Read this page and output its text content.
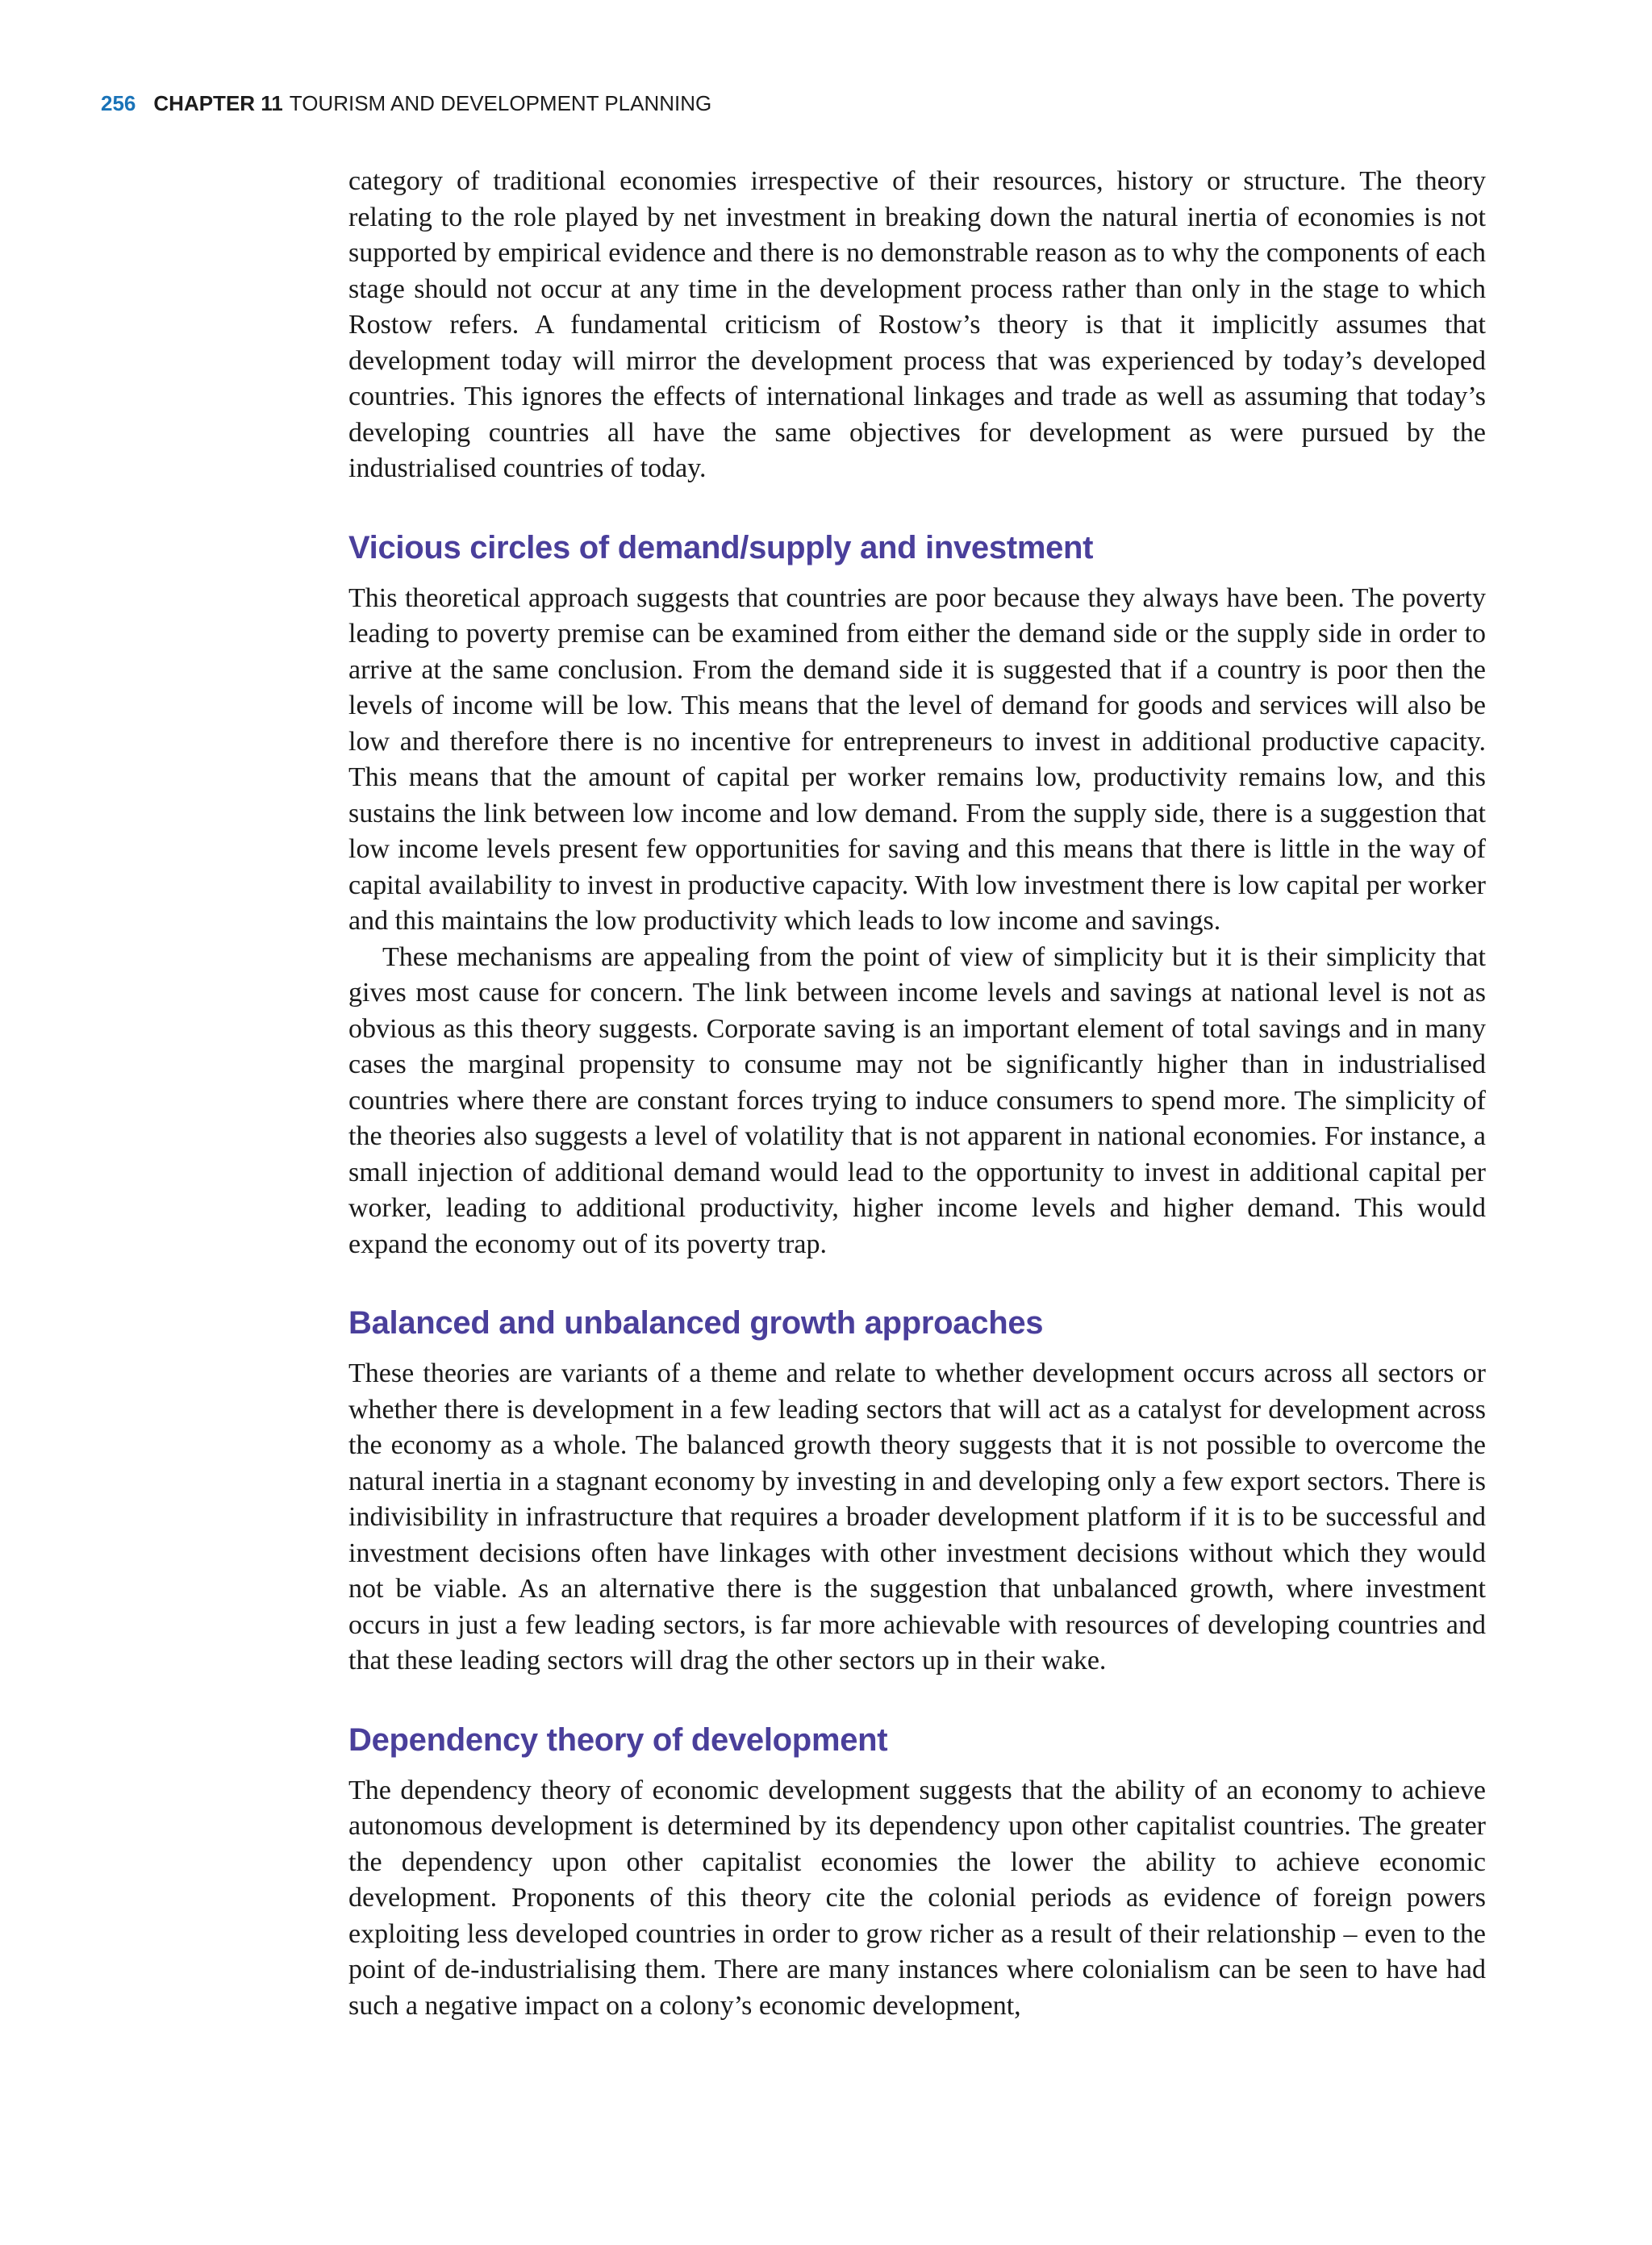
256 CHAPTER 11 TOURISM AND DEVELOPMENT PLANNING

category of traditional economies irrespective of their resources, history or structure. The theory relating to the role played by net investment in breaking down the natural inertia of economies is not supported by empirical evidence and there is no demonstrable reason as to why the components of each stage should not occur at any time in the development process rather than only in the stage to which Rostow refers. A fundamental criticism of Rostow’s theory is that it implicitly assumes that development today will mirror the development process that was experienced by today’s developed countries. This ignores the effects of international linkages and trade as well as assuming that today’s developing countries all have the same objectives for development as were pursued by the industrialised countries of today.

Vicious circles of demand/supply and investment

This theoretical approach suggests that countries are poor because they always have been. The poverty leading to poverty premise can be examined from either the demand side or the supply side in order to arrive at the same conclusion. From the demand side it is suggested that if a country is poor then the levels of income will be low. This means that the level of demand for goods and services will also be low and therefore there is no incentive for entrepreneurs to invest in additional productive capacity. This means that the amount of capital per worker remains low, productivity remains low, and this sustains the link between low income and low demand. From the supply side, there is a suggestion that low income levels present few opportunities for saving and this means that there is little in the way of capital availability to invest in productive capacity. With low investment there is low capital per worker and this maintains the low productivity which leads to low income and savings.

These mechanisms are appealing from the point of view of simplicity but it is their simplicity that gives most cause for concern. The link between income levels and savings at national level is not as obvious as this theory suggests. Corporate saving is an important element of total savings and in many cases the marginal propensity to consume may not be significantly higher than in industrialised countries where there are constant forces trying to induce consumers to spend more. The simplicity of the theories also suggests a level of volatility that is not apparent in national economies. For instance, a small injection of additional demand would lead to the opportunity to invest in additional capital per worker, leading to additional productivity, higher income levels and higher demand. This would expand the economy out of its poverty trap.

Balanced and unbalanced growth approaches

These theories are variants of a theme and relate to whether development occurs across all sectors or whether there is development in a few leading sectors that will act as a catalyst for development across the economy as a whole. The balanced growth theory suggests that it is not possible to overcome the natural inertia in a stagnant economy by investing in and developing only a few export sectors. There is indivisibility in infrastructure that requires a broader development platform if it is to be successful and investment decisions often have linkages with other investment decisions without which they would not be viable. As an alternative there is the suggestion that unbalanced growth, where investment occurs in just a few leading sectors, is far more achievable with resources of developing countries and that these leading sectors will drag the other sectors up in their wake.

Dependency theory of development

The dependency theory of economic development suggests that the ability of an economy to achieve autonomous development is determined by its dependency upon other capitalist countries. The greater the dependency upon other capitalist economies the lower the ability to achieve economic development. Proponents of this theory cite the colonial periods as evidence of foreign powers exploiting less developed countries in order to grow richer as a result of their relationship – even to the point of de-industrialising them. There are many instances where colonialism can be seen to have had such a negative impact on a colony’s economic development,
